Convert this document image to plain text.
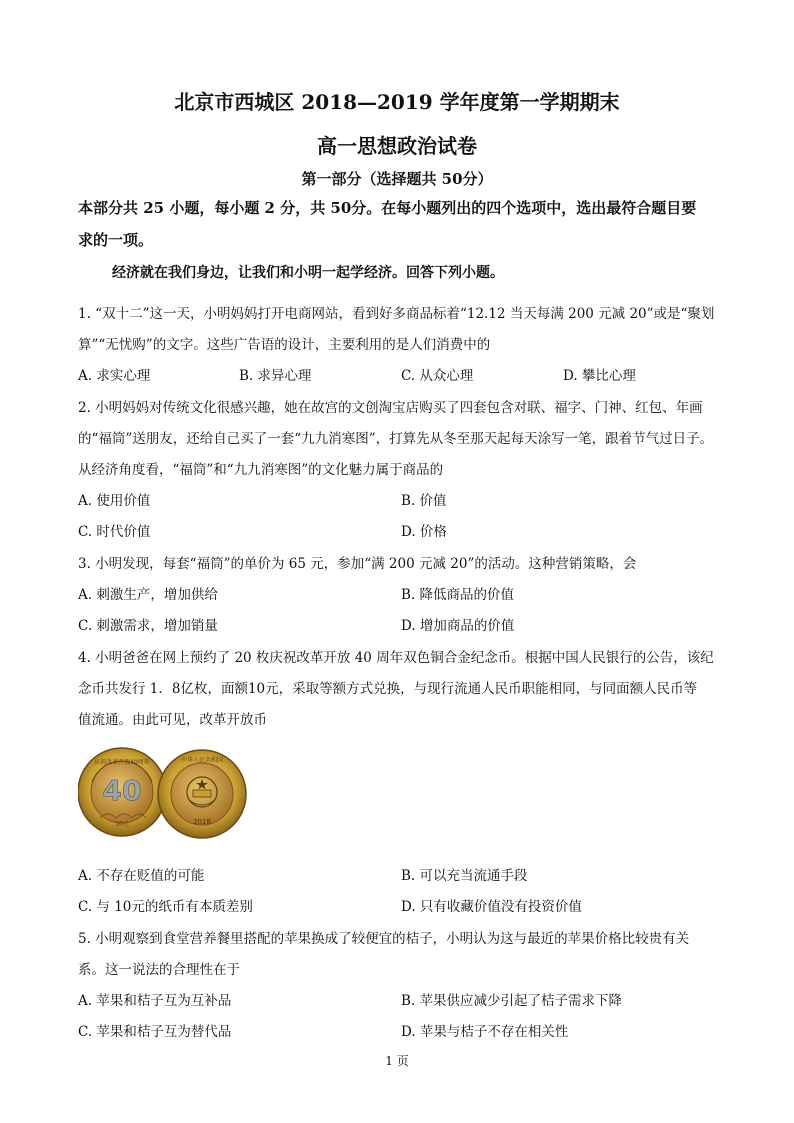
北京市西城区 2018—2019 学年度第一学期期末
高一思想政治试卷
第一部分（选择题共 50分）
本部分共 25 小题，每小题 2 分，共 50分。在每小题列出的四个选项中，选出最符合题目要
求的一项。
经济就在我们身边，让我们和小明一起学经济。回答下列小题。
1. “双十二”这一天，小明妈妈打开电商网站，看到好多商品标着“12.12 当天每满 200 元减 20”或是“聚划
算”“无忧购”的文字。这些广告语的设计，主要利用的是人们消费中的
A. 求实心理	B. 求异心理	C. 从众心理	D. 攀比心理
2. 小明妈妈对传统文化很感兴趣，她在故宫的文创淘宝店购买了四套包含对联、福字、门神、红包、年画
的“福筒”送朋友，还给自己买了一套“九九消寒图”，打算先从冬至那天起每天涂写一笔，跟着节气过日子。
从经济角度看，“福筒”和“九九消寒图”的文化魅力属于商品的
A. 使用价值	B. 价值
C. 时代价值	D. 价格
3. 小明发现，每套“福筒”的单价为 65 元，参加“满 200 元减 20”的活动。这种营销策略，会
A. 刺激生产，增加供给	B. 降低商品的价值
C. 刺激需求，增加销量	D. 增加商品的价值
4. 小明爸爸在网上预约了 20 枚庆祝改革开放 40 周年双色铜合金纪念币。根据中国人民银行的公告，该纪
念币共发行 1．8亿枚，面额10元，采取等额方式兑换，与现行流通人民币职能相同，与同面额人民币等
值流通。由此可见，改革开放币
40
庆祝改革开放40周年
10元
中华人民共和国
2018
A. 不存在贬值的可能	B. 可以充当流通手段
C. 与 10元的纸币有本质差别	D. 只有收藏价值没有投资价值
5. 小明观察到食堂营养餐里搭配的苹果换成了较便宜的桔子，小明认为这与最近的苹果价格比较贵有关
系。这一说法的合理性在于
A. 苹果和桔子互为互补品	B. 苹果供应减少引起了桔子需求下降
C. 苹果和桔子互为替代品	D. 苹果与桔子不存在相关性
1 页
